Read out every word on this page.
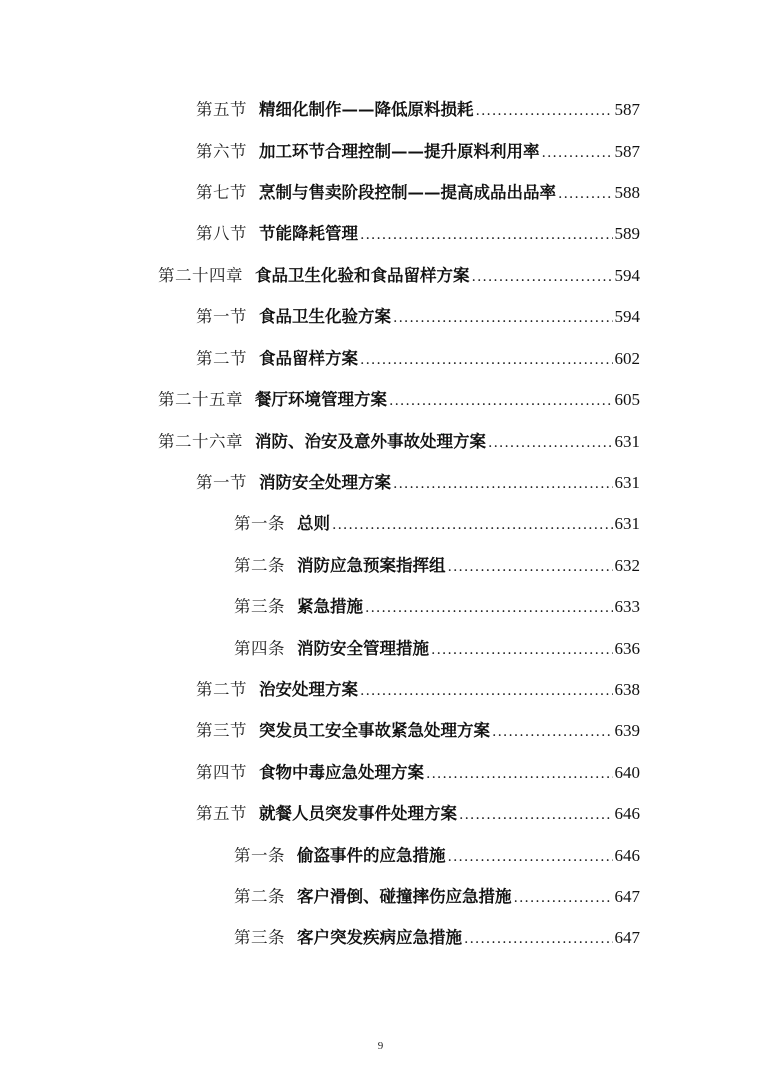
第五节 精细化制作——降低原料损耗 .....	587
第六节 加工环节合理控制——提升原料利用率 .....	587
第七节 烹制与售卖阶段控制——提高成品出品率 .....	588
第八节 节能降耗管理 .....	589
第二十四章 食品卫生化验和食品留样方案 .....	594
第一节 食品卫生化验方案 .....	594
第二节 食品留样方案 .....	602
第二十五章 餐厅环境管理方案 .....	605
第二十六章 消防、治安及意外事故处理方案 .....	631
第一节 消防安全处理方案 .....	631
第一条 总则 .....	631
第二条 消防应急预案指挥组 .....	632
第三条 紧急措施 .....	633
第四条 消防安全管理措施 .....	636
第二节 治安处理方案 .....	638
第三节 突发员工安全事故紧急处理方案 .....	639
第四节 食物中毒应急处理方案 .....	640
第五节 就餐人员突发事件处理方案 .....	646
第一条 偷盗事件的应急措施 .....	646
第二条 客户滑倒、碰撞摔伤应急措施 .....	647
第三条 客户突发疾病应急措施 .....	647
9
